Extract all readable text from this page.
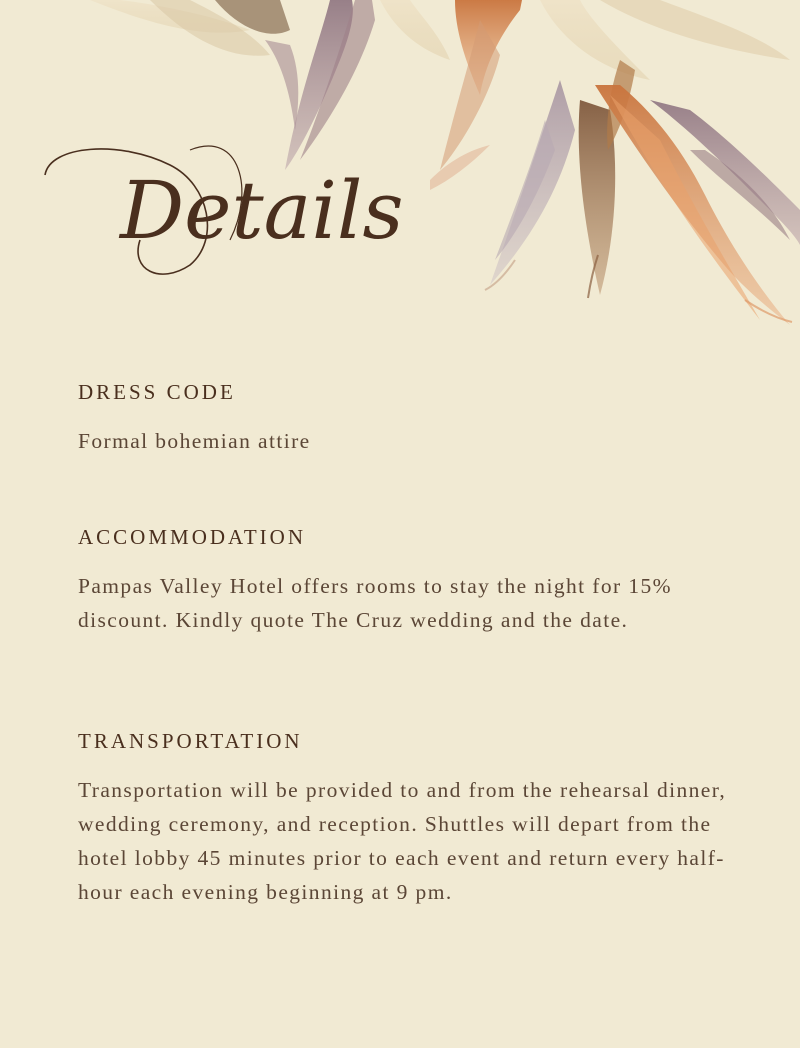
Details
DRESS CODE

Formal bohemian attire

ACCOMMODATION

Pampas Valley Hotel offers rooms to stay the night for 15% discount. Kindly quote The Cruz wedding and the date.

TRANSPORTATION

Transportation will be provided to and from the rehearsal dinner, wedding ceremony, and reception. Shuttles will depart from the hotel lobby 45 minutes prior to each event and return every half-hour each evening beginning at 9 pm.
